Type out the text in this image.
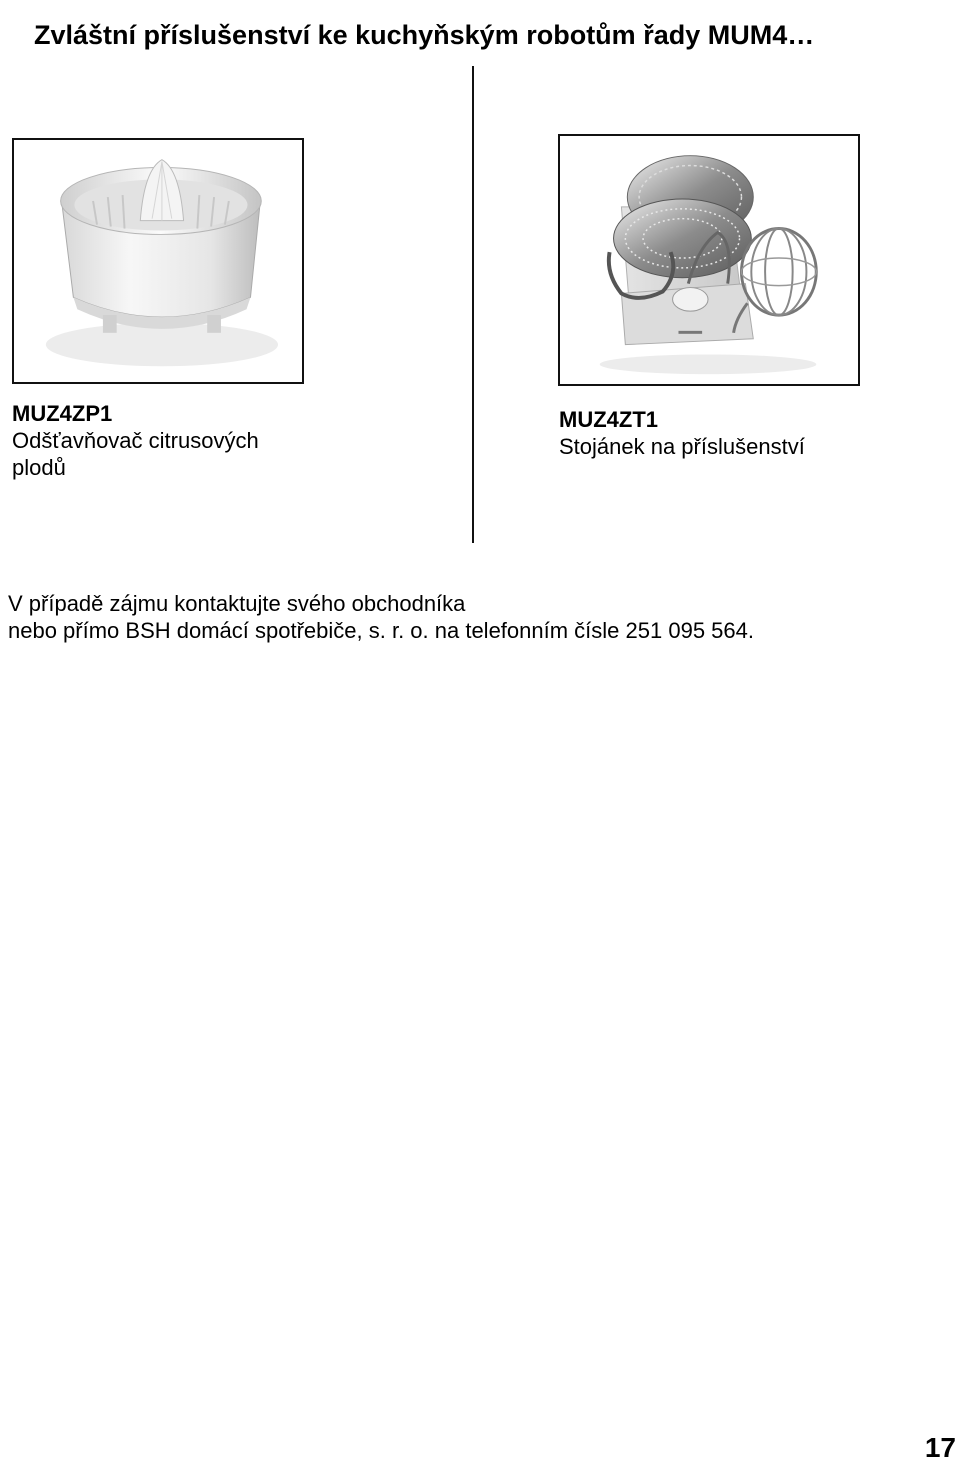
Zvláštní příslušenství ke kuchyňským robotům řady MUM4…
MUZ4ZP1
Odšťavňovač citrusových plodů
MUZ4ZT1
Stojánek na příslušenství
V případě zájmu kontaktujte svého obchodníka
nebo přímo BSH domácí spotřebiče, s. r. o. na telefonním čísle 251 095 564.
17
